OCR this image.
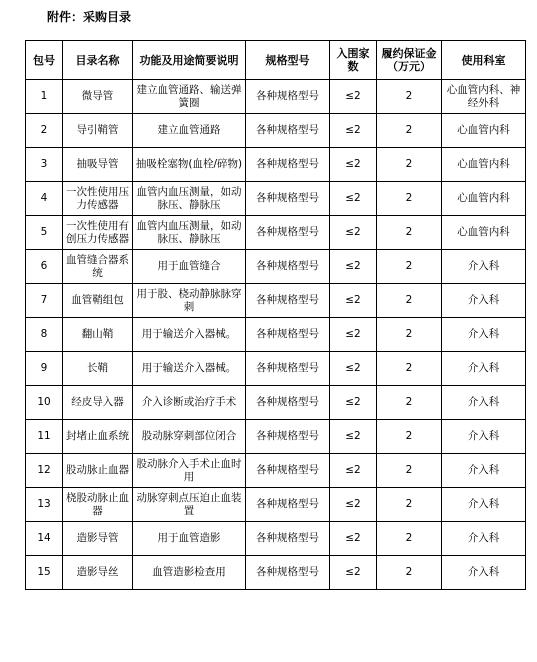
附件：采购目录
包号	目录名称	功能及用途简要说明	规格型号	入围家数	履约保证金（万元）	使用科室
1	微导管	建立血管通路、输送弹簧圈	各种规格型号	≤2	2	心血管内科、神经外科
2	导引鞘管	建立血管通路	各种规格型号	≤2	2	心血管内科
3	抽吸导管	抽吸栓塞物(血栓/碎物)	各种规格型号	≤2	2	心血管内科
4	一次性使用压力传感器	血管内血压测量，如动脉压、静脉压	各种规格型号	≤2	2	心血管内科
5	一次性使用有创压力传感器	血管内血压测量，如动脉压、静脉压	各种规格型号	≤2	2	心血管内科
6	血管缝合器系统	用于血管缝合	各种规格型号	≤2	2	介入科
7	血管鞘组包	用于股、桡动静脉脉穿刺	各种规格型号	≤2	2	介入科
8	翻山鞘	用于输送介入器械。	各种规格型号	≤2	2	介入科
9	长鞘	用于输送介入器械。	各种规格型号	≤2	2	介入科
10	经皮导入器	介入诊断或治疗手术	各种规格型号	≤2	2	介入科
11	封堵止血系统	股动脉穿刺部位闭合	各种规格型号	≤2	2	介入科
12	股动脉止血器	股动脉介入手术止血时用	各种规格型号	≤2	2	介入科
13	桡股动脉止血器	动脉穿刺点压迫止血装置	各种规格型号	≤2	2	介入科
14	造影导管	用于血管造影	各种规格型号	≤2	2	介入科
15	造影导丝	血管造影检查用	各种规格型号	≤2	2	介入科
